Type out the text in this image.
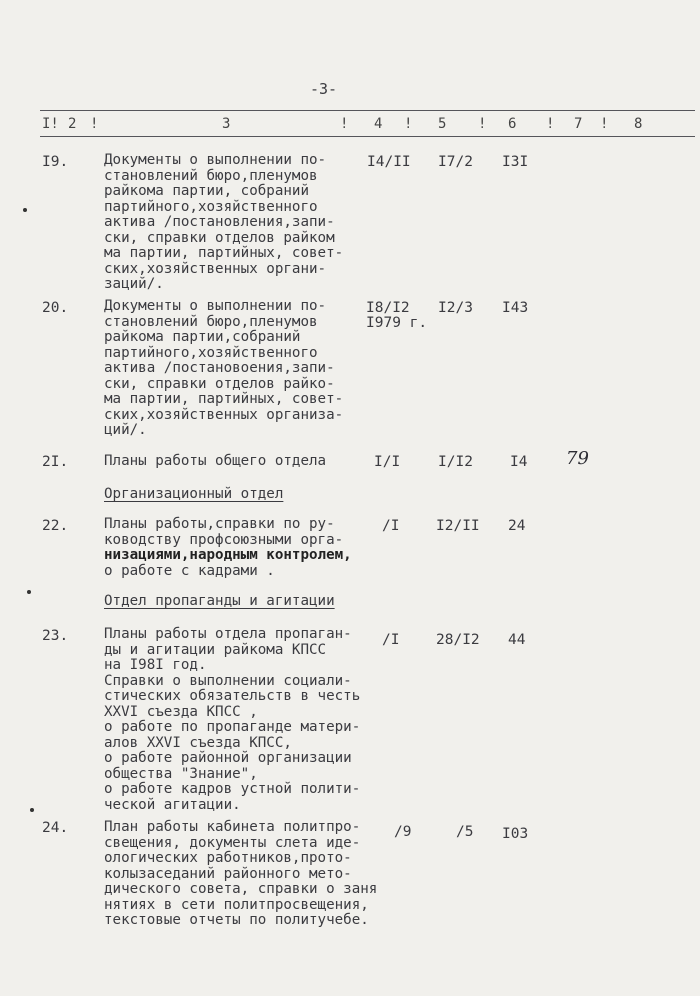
-3-
I! 2 !	3	! 4 ! 5 ! 6 ! 7 ! 8
I9.	Документы о выполнении по-
становлений бюро,пленумов
райкома партии, собраний
партийного,хозяйственного
актива /постановления,запи-
ски, справки отделов райком
ма партии, партийных, совет-
ских,хозяйственных органи-
заций/.
I4/II I7/2 I3I
20.	Документы о выполнении по-
становлений бюро,пленумов
райкома партии,собраний
партийного,хозяйственного
актива /постановоения,запи-
ски, справки отделов райко-
ма партии, партийных, совет-
ских,хозяйственных организа-
ций/.
I8/I2
I979 г.
I2/3 I43
2I.	Планы работы общего отдела	I/I	I/I2	I4 79
Организационный отдел
22.	Планы работы,справки по ру-
ководству профсоюзными орга-
низациями,народным контролем,
о работе с кадрами .
/I	I2/II 24
Отдел пропаганды и агитации
23.	Планы работы отдела пропаган-
ды и агитации райкома КПСС
на I98I год.
Справки о выполнении социали-
стических обязательств в честь
XXVI съезда КПСС ,
о работе по пропаганде матери-
алов XXVI съезда КПСС,
о работе районной организации
общества "Знание",
о работе кадров устной полити-
ческой агитации.
/I	28/I2 44
24.	План работы кабинета политпро-
свещения, документы слета иде-
ологических работников,прото-
колызаседаний районного мето-
дического совета, справки о заня
нятиях в сети политпросвещения,
текстовые отчеты по политучебе.
/9	/5 I03
